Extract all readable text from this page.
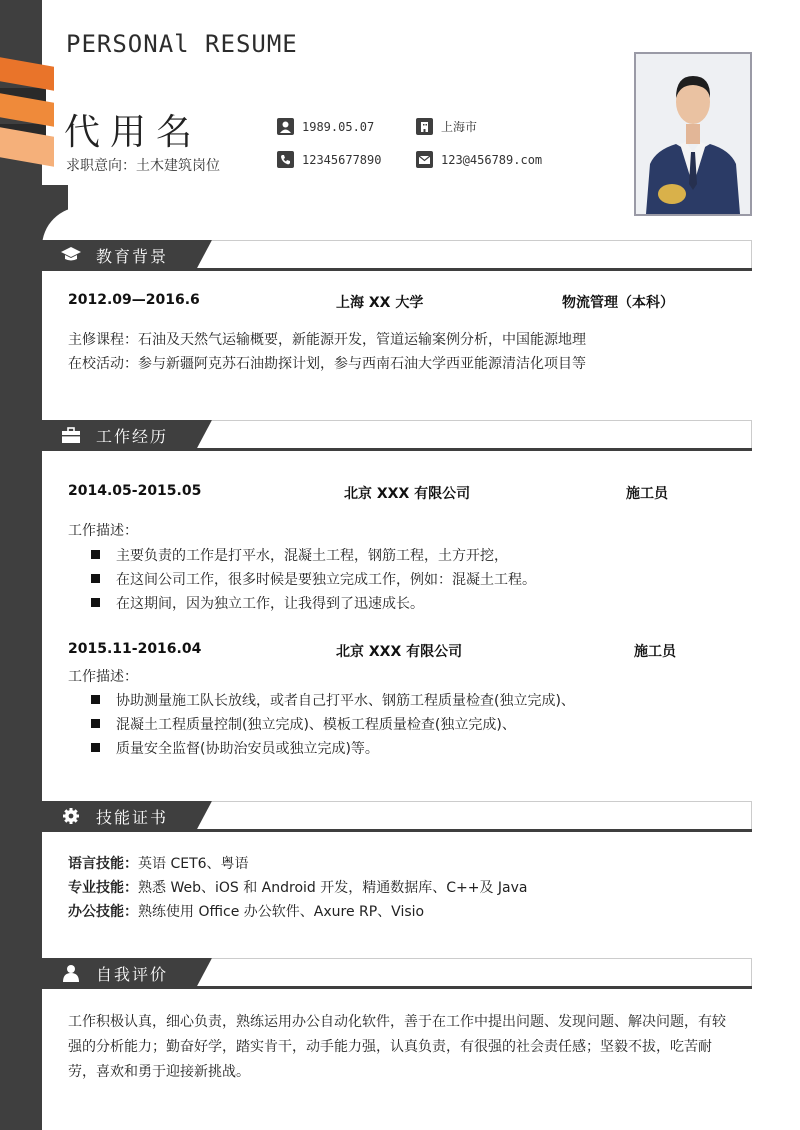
PERSONAl RESUME
代用名
求职意向：土木建筑岗位
1989.05.07	上海市
12345677890	123@456789.com
教育背景
2012.09—2016.6	上海 XX 大学	物流管理（本科）
主修课程：石油及天然气运输概要，新能源开发，管道运输案例分析，中国能源地理
在校活动：参与新疆阿克苏石油勘探计划，参与西南石油大学西亚能源清洁化项目等
工作经历
2014.05-2015.05	北京 XXX 有限公司	施工员
工作描述：
主要负责的工作是打平水，混凝土工程，钢筋工程，土方开挖，
在这间公司工作，很多时候是要独立完成工作，例如：混凝土工程。
在这期间，因为独立工作，让我得到了迅速成长。
2015.11-2016.04	北京 XXX 有限公司	施工员
工作描述：
协助测量施工队长放线，或者自己打平水、钢筋工程质量检查(独立完成)、
混凝土工程质量控制(独立完成)、模板工程质量检查(独立完成)、
质量安全监督(协助治安员或独立完成)等。
技能证书
语言技能：英语 CET6、粤语
专业技能：熟悉 Web、iOS 和 Android 开发，精通数据库、C++及 Java
办公技能：熟练使用 Office 办公软件、Axure RP、Visio
自我评价
工作积极认真，细心负责，熟练运用办公自动化软件，善于在工作中提出问题、发现问题、解决问题，有较强的分析能力；勤奋好学，踏实肯干，动手能力强，认真负责，有很强的社会责任感；坚毅不拔，吃苦耐劳，喜欢和勇于迎接新挑战。
